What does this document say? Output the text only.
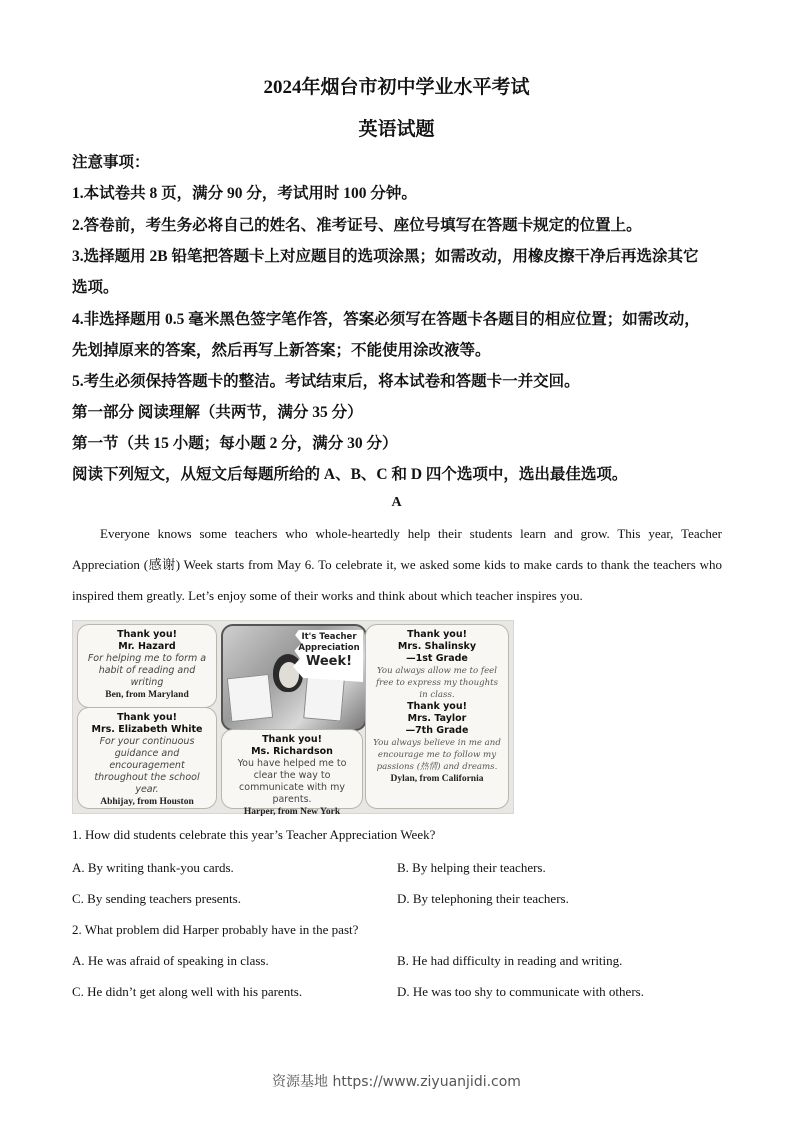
2024年烟台市初中学业水平考试
英语试题
注意事项：
1.本试卷共 8 页，满分 90 分，考试用时 100 分钟。
2.答卷前，考生务必将自己的姓名、准考证号、座位号填写在答题卡规定的位置上。
3.选择题用 2B 铅笔把答题卡上对应题目的选项涂黑；如需改动，用橡皮擦干净后再选涂其它
选项。
4.非选择题用 0.5 毫米黑色签字笔作答，答案必须写在答题卡各题目的相应位置；如需改动，
先划掉原来的答案，然后再写上新答案；不能使用涂改液等。
5.考生必须保持答题卡的整洁。考试结束后，将本试卷和答题卡一并交回。
第一部分 阅读理解（共两节，满分 35 分）
第一节（共 15 小题；每小题 2 分，满分 30 分）
阅读下列短文，从短文后每题所给的 A、B、C 和 D 四个选项中，选出最佳选项。
A
Everyone knows some teachers who whole-heartedly help their students learn and grow. This year, Teacher Appreciation (感谢) Week starts from May 6. To celebrate it, we asked some kids to make cards to thank the teachers who inspired them greatly. Let’s enjoy some of their works and think about which teacher inspires you.
Thank you!
Mr. Hazard
For helping me to form a habit of reading and writing
Ben, from Maryland
Thank you!
Mrs. Elizabeth White
For your continuous guidance and encouragement throughout the school year.
Abhijay, from Houston
It's Teacher
Appreciation
Week!
Thank you!
Ms. Richardson
You have helped me to clear the way to communicate with my parents.
Harper, from New York
Thank you!
Mrs. Shalinsky
—1st Grade
You always allow me to feel free to express my thoughts in class.
Thank you!
Mrs. Taylor
—7th Grade
You always believe in me and encourage me to follow my passions (热情) and dreams.
Dylan, from California
1. How did students celebrate this year’s Teacher Appreciation Week?
A. By writing thank-you cards.	B. By helping their teachers.
C. By sending teachers presents.	D. By telephoning their teachers.
2. What problem did Harper probably have in the past?
A. He was afraid of speaking in class.	B. He had difficulty in reading and writing.
C. He didn’t get along well with his parents.	D. He was too shy to communicate with others.
资源基地 https://www.ziyuanjidi.com
